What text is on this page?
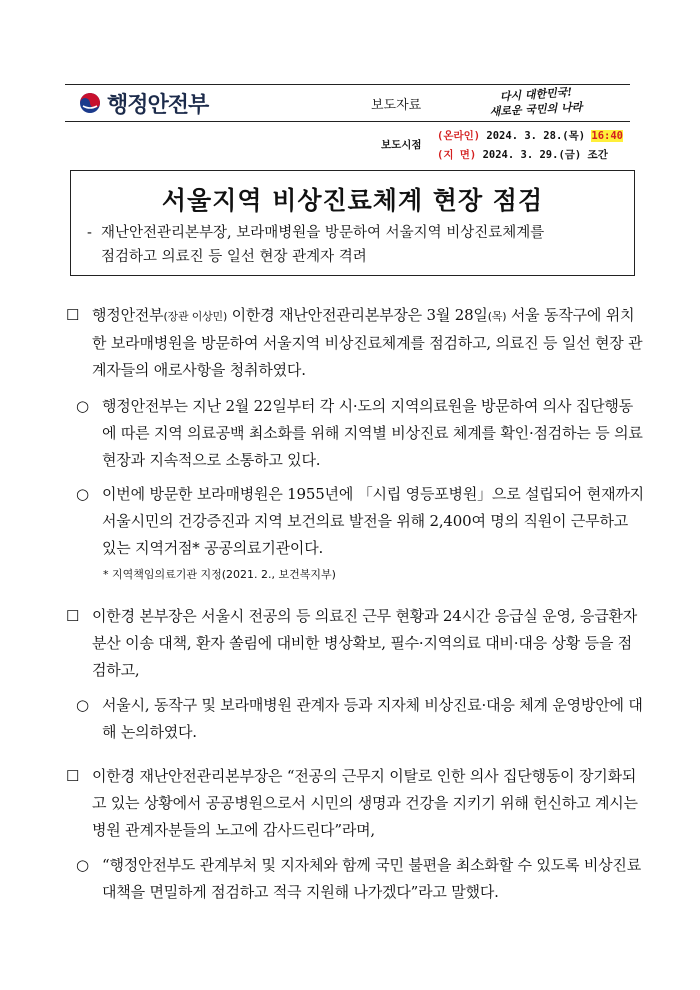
행정안전부	보도자료
다시 대한민국!
새로운 국민의 나라
보도시점
(온라인) 2024. 3. 28.(목) 16:40
(지 면) 2024. 3. 29.(금) 조간
서울지역 비상진료체계 현장 점검
- 재난안전관리본부장, 보라매병원을 방문하여 서울지역 비상진료체계를
점검하고 의료진 등 일선 현장 관계자 격려
☐ 행정안전부(장관 이상민) 이한경 재난안전관리본부장은 3월 28일(목) 서울 동작구에 위치한 보라매병원을 방문하여 서울지역 비상진료체계를 점검하고, 의료진 등 일선 현장 관계자들의 애로사항을 청취하였다.
○ 행정안전부는 지난 2월 22일부터 각 시·도의 지역의료원을 방문하여 의사 집단행동에 따른 지역 의료공백 최소화를 위해 지역별 비상진료 체계를 확인·점검하는 등 의료현장과 지속적으로 소통하고 있다.
○ 이번에 방문한 보라매병원은 1955년에 「시립 영등포병원」으로 설립되어 현재까지 서울시민의 건강증진과 지역 보건의료 발전을 위해 2,400여 명의 직원이 근무하고 있는 지역거점* 공공의료기관이다.
* 지역책임의료기관 지정(2021. 2., 보건복지부)
☐ 이한경 본부장은 서울시 전공의 등 의료진 근무 현황과 24시간 응급실 운영, 응급환자 분산 이송 대책, 환자 쏠림에 대비한 병상확보, 필수·지역의료 대비·대응 상황 등을 점검하고,
○ 서울시, 동작구 및 보라매병원 관계자 등과 지자체 비상진료·대응 체계 운영방안에 대해 논의하였다.
☐ 이한경 재난안전관리본부장은 “전공의 근무지 이탈로 인한 의사 집단행동이 장기화되고 있는 상황에서 공공병원으로서 시민의 생명과 건강을 지키기 위해 헌신하고 계시는 병원 관계자분들의 노고에 감사드린다”라며,
○ “행정안전부도 관계부처 및 지자체와 함께 국민 불편을 최소화할 수 있도록 비상진료대책을 면밀하게 점검하고 적극 지원해 나가겠다”라고 말했다.
